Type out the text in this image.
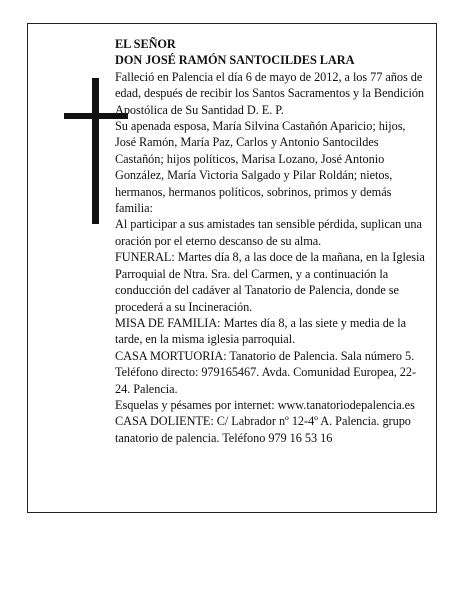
EL SEÑOR

DON JOSÉ RAMÓN SANTOCILDES LARA

Falleció en Palencia el día 6 de mayo de 2012, a los 77 años de edad, después de recibir los Santos Sacramentos y la Bendición Apostólica de Su Santidad D. E. P.

Su apenada esposa, María Silvina Castañón Aparicio; hijos, José Ramón, María Paz, Carlos y Antonio Santocildes Castañón; hijos políticos, Marisa Lozano, José Antonio González, María Victoria Salgado y Pilar Roldán; nietos, hermanos, hermanos políticos, sobrinos, primos y demás familia:

Al participar a sus amistades tan sensible pérdida, suplican una oración por el eterno descanso de su alma.

FUNERAL: Martes día 8, a las doce de la mañana, en la Iglesia Parroquial de Ntra. Sra. del Carmen, y a continuación la conducción del cadáver al Tanatorio de Palencia, donde se procederá a su Incineración.

MISA DE FAMILIA: Martes día 8, a las siete y media de la tarde, en la misma iglesia parroquial.

CASA MORTUORIA: Tanatorio de Palencia. Sala número 5. Teléfono directo: 979165467. Avda. Comunidad Europea, 22-24. Palencia.

Esquelas y pésames por internet: www.tanatoriodepalencia.es

CASA DOLIENTE: C/ Labrador nº 12-4º A. Palencia. grupo tanatorio de palencia. Teléfono 979 16 53 16
